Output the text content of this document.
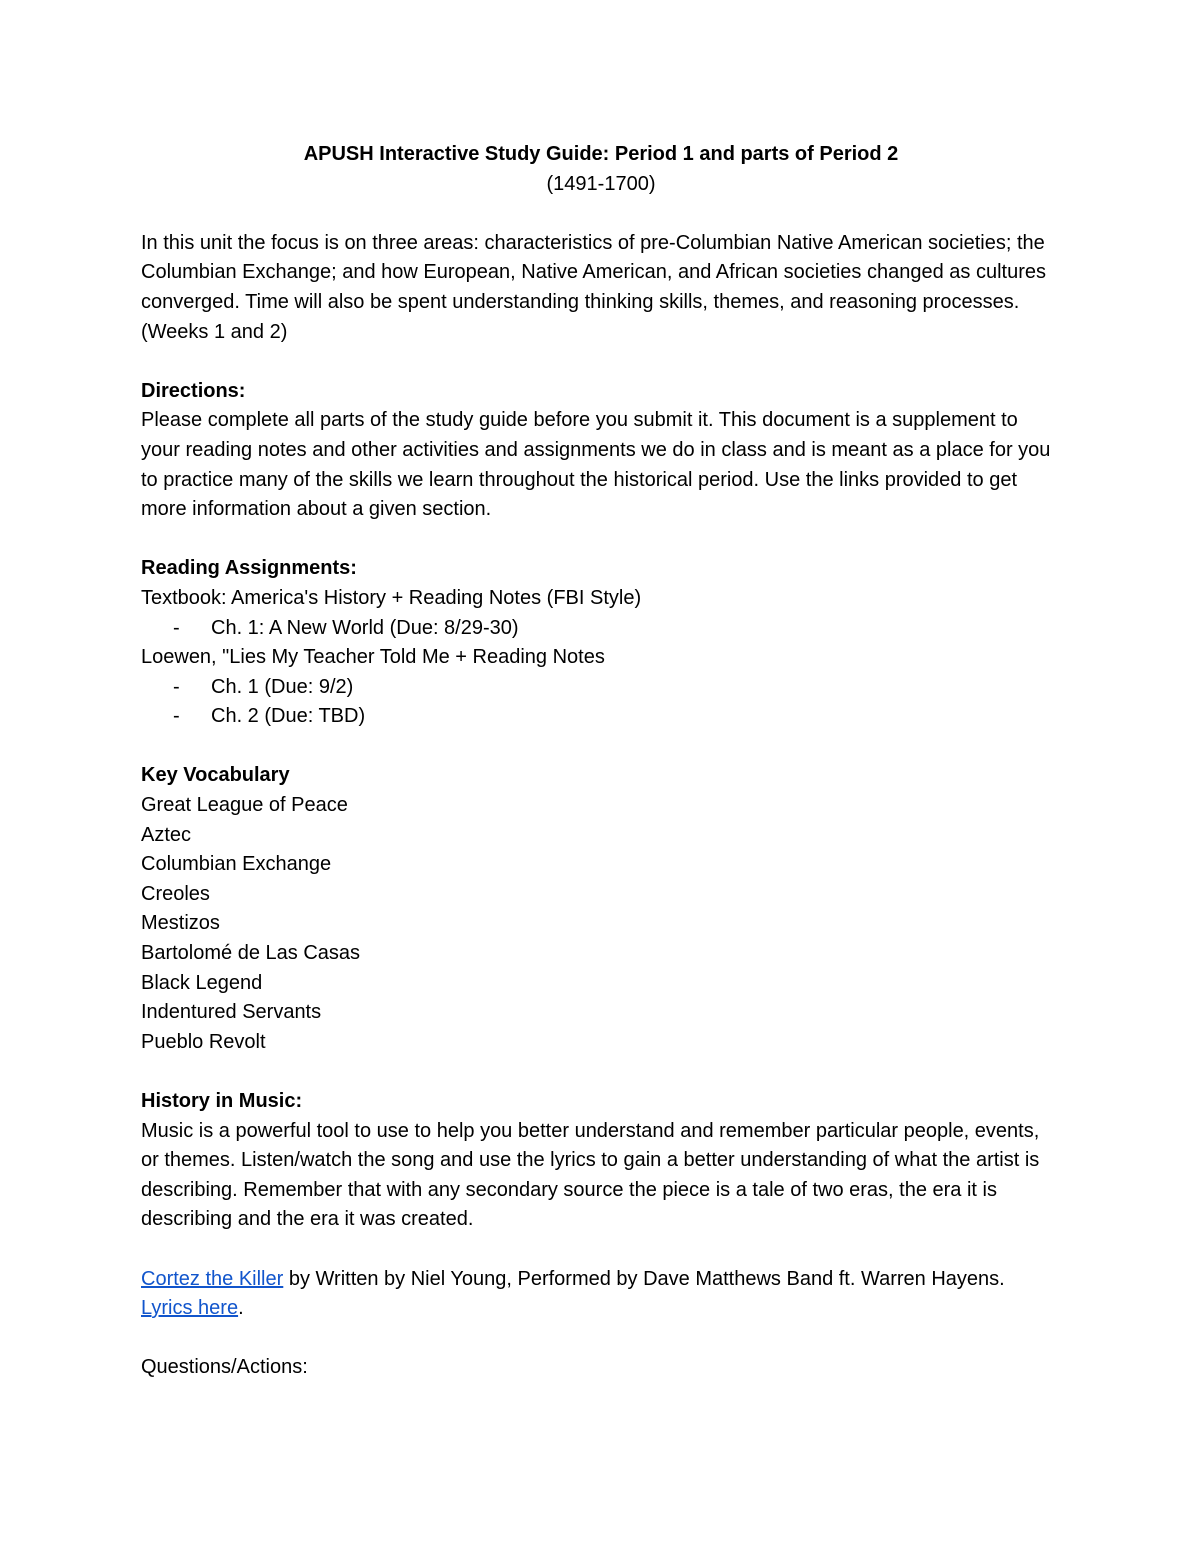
APUSH Interactive Study Guide: Period 1 and parts of Period 2

(1491-1700)

In this unit the focus is on three areas: characteristics of pre-Columbian Native American societies; the Columbian Exchange; and how European, Native American, and African societies changed as cultures converged. Time will also be spent understanding thinking skills, themes, and reasoning processes. (Weeks 1 and 2)

Directions:

Please complete all parts of the study guide before you submit it. This document is a supplement to your reading notes and other activities and assignments we do in class and is meant as a place for you to practice many of the skills we learn throughout the historical period. Use the links provided to get more information about a given section.

Reading Assignments:

Textbook: America's History + Reading Notes (FBI Style)

-	Ch. 1: A New World (Due: 8/29-30)

Loewen, "Lies My Teacher Told Me + Reading Notes

-	Ch. 1 (Due: 9/2)
-	Ch. 2 (Due: TBD)

Key Vocabulary

Great League of Peace
Aztec
Columbian Exchange
Creoles
Mestizos
Bartolomé de Las Casas
Black Legend
Indentured Servants
Pueblo Revolt

History in Music:

Music is a powerful tool to use to help you better understand and remember particular people, events, or themes. Listen/watch the song and use the lyrics to gain a better understanding of what the artist is describing. Remember that with any secondary source the piece is a tale of two eras, the era it is describing and the era it was created.

Cortez the Killer by Written by Niel Young, Performed by Dave Matthews Band ft. Warren Hayens. Lyrics here.

Questions/Actions:
